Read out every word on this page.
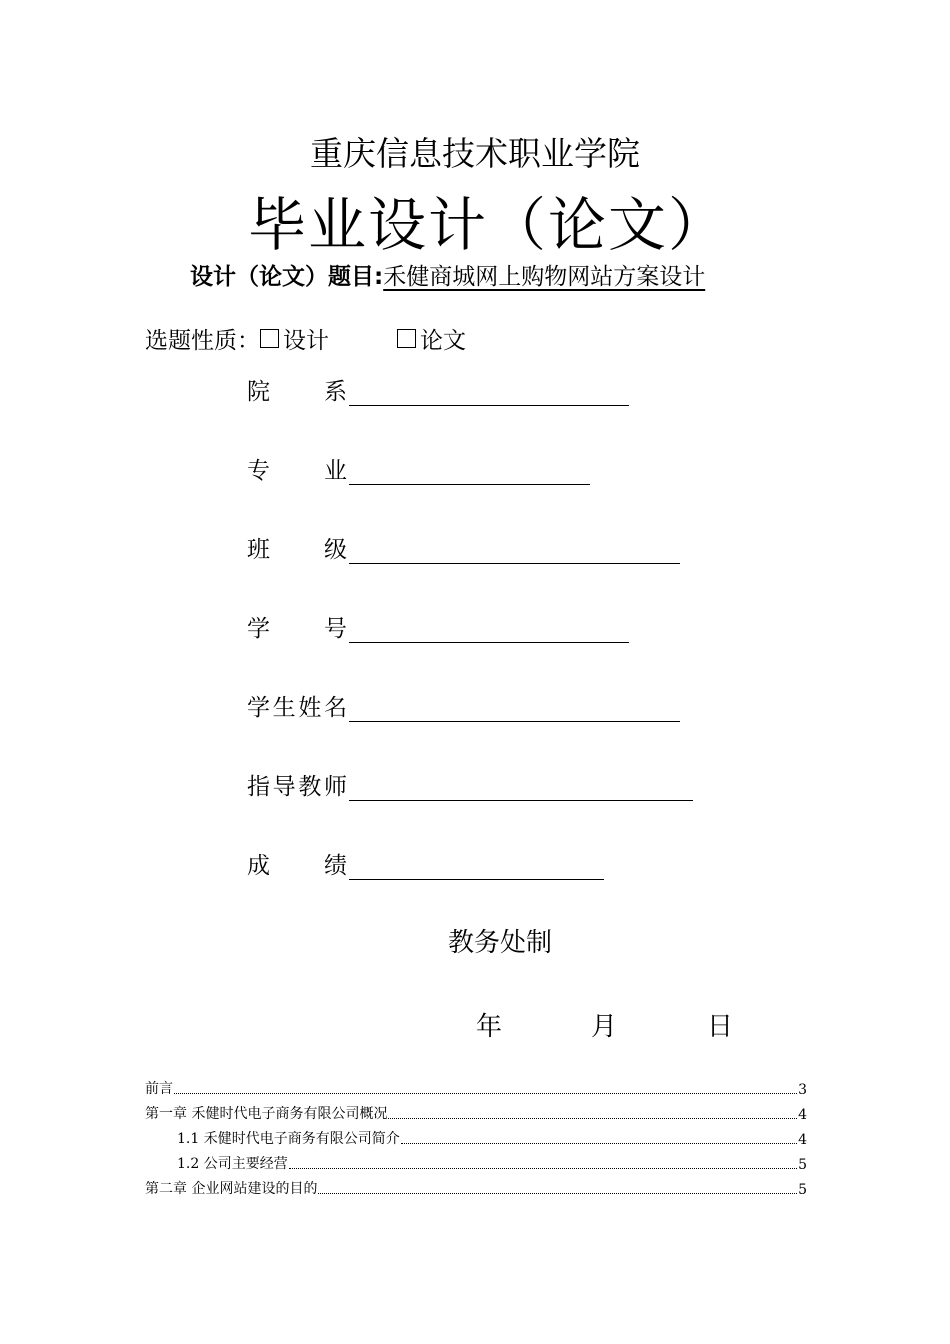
重庆信息技术职业学院
毕业设计（论文）
设计（论文）题目:禾健商城网上购物网站方案设计
选题性质： 设计	论文
院　系
专　业
班　级
学　号
学生姓名
指导教师
成　绩
教务处制
年	月	日
前言	3
第一章 禾健时代电子商务有限公司概况	4
1.1 禾健时代电子商务有限公司简介	4
1.2 公司主要经营	5
第二章 企业网站建设的目的	5
